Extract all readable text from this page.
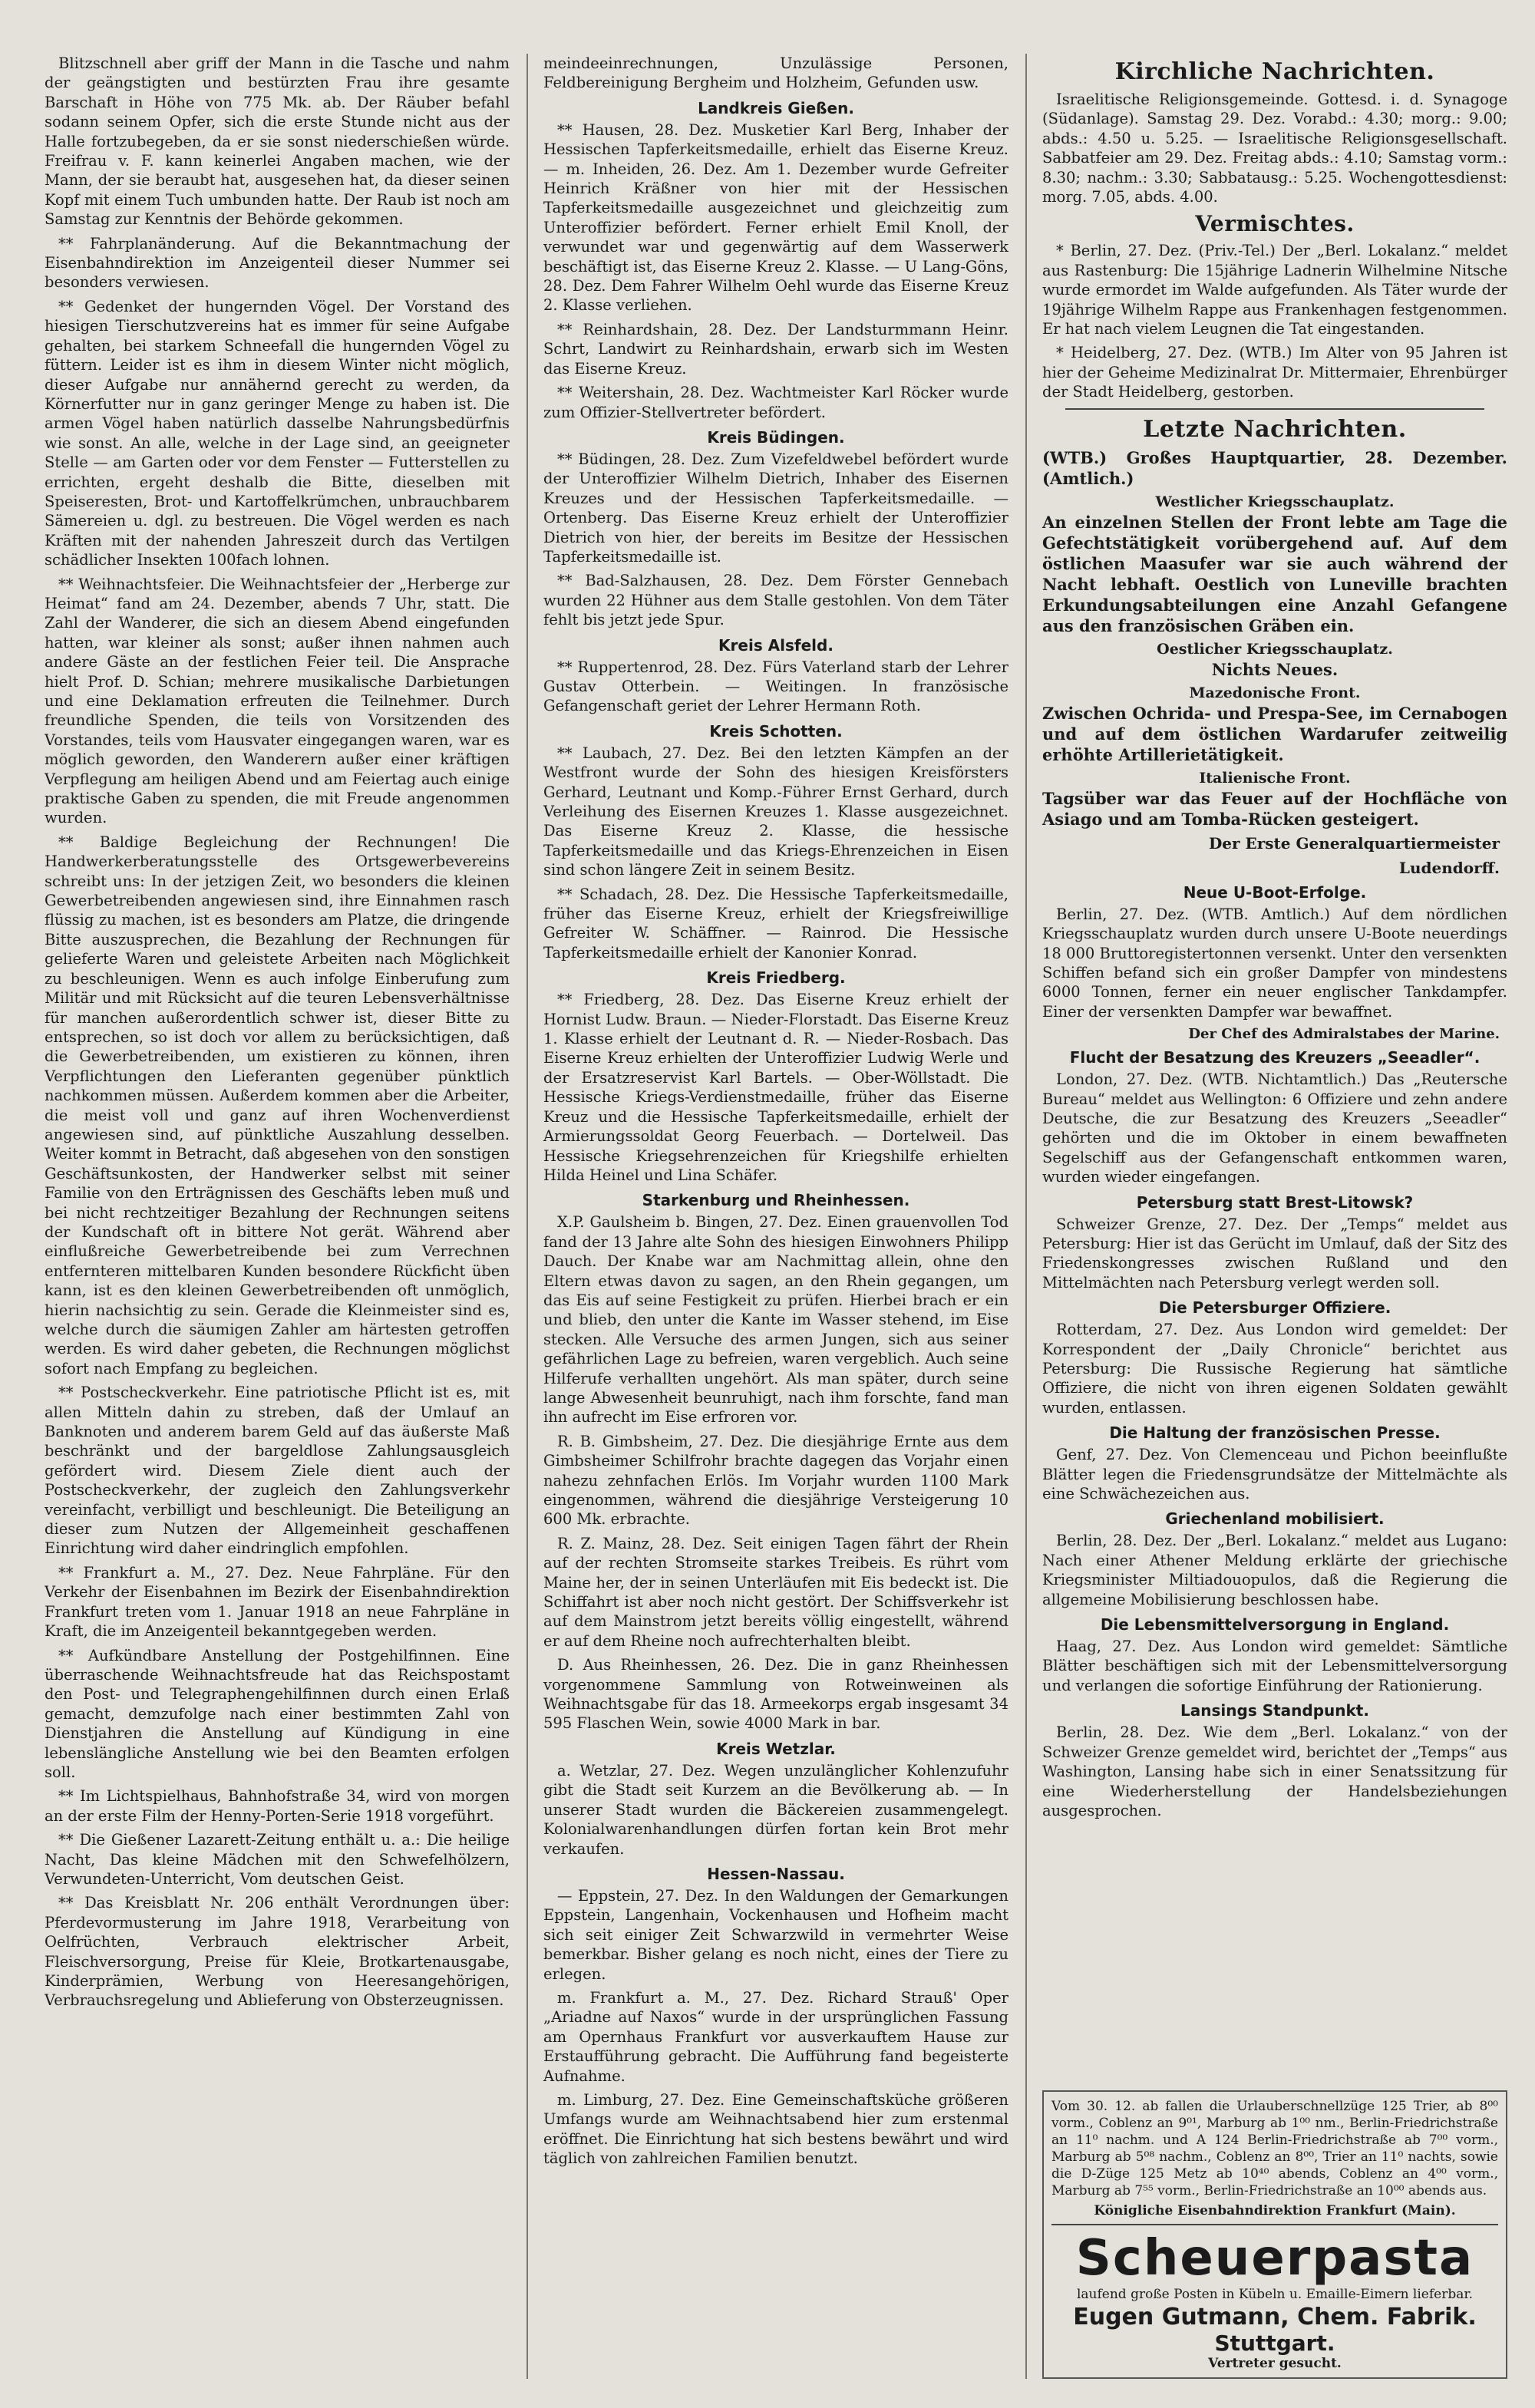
Blitzschnell aber griff der Mann in die Tasche und nahm der geängstigten und bestürzten Frau ihre gesamte Barschaft in Höhe von 775 Mk. ab. Der Räuber befahl sodann seinem Opfer, sich die erste Stunde nicht aus der Halle fortzubegeben, da er sie sonst niederschießen würde. Freifrau v. F. kann keinerlei Angaben machen, wie der Mann, der sie beraubt hat, ausgesehen hat, da dieser seinen Kopf mit einem Tuch umbunden hatte. Der Raub ist noch am Samstag zur Kenntnis der Behörde gekommen.

** Fahrplanänderung. Auf die Bekanntmachung der Eisenbahndirektion im Anzeigenteil dieser Nummer sei besonders verwiesen.

** Gedenket der hungernden Vögel. Der Vorstand des hiesigen Tierschutzvereins hat es immer für seine Aufgabe gehalten, bei starkem Schneefall die hungernden Vögel zu füttern. Leider ist es ihm in diesem Winter nicht möglich, dieser Aufgabe nur annähernd gerecht zu werden, da Körnerfutter nur in ganz geringer Menge zu haben ist. Die armen Vögel haben natürlich dasselbe Nahrungsbedürfnis wie sonst. An alle, welche in der Lage sind, an geeigneter Stelle — am Garten oder vor dem Fenster — Futterstellen zu errichten, ergeht deshalb die Bitte, dieselben mit Speiseresten, Brot- und Kartoffelkrümchen, unbrauchbarem Sämereien u. dgl. zu bestreuen. Die Vögel werden es nach Kräften mit der nahenden Jahreszeit durch das Vertilgen schädlicher Insekten 100fach lohnen.

** Weihnachtsfeier. Die Weihnachtsfeier der „Herberge zur Heimat“ fand am 24. Dezember, abends 7 Uhr, statt. Die Zahl der Wanderer, die sich an diesem Abend eingefunden hatten, war kleiner als sonst; außer ihnen nahmen auch andere Gäste an der festlichen Feier teil. Die Ansprache hielt Prof. D. Schian; mehrere musikalische Darbietungen und eine Deklamation erfreuten die Teilnehmer. Durch freundliche Spenden, die teils von Vorsitzenden des Vorstandes, teils vom Hausvater eingegangen waren, war es möglich geworden, den Wanderern außer einer kräftigen Verpflegung am heiligen Abend und am Feiertag auch einige praktische Gaben zu spenden, die mit Freude angenommen wurden.

** Baldige Begleichung der Rechnungen! Die Handwerkerberatungsstelle des Ortsgewerbevereins schreibt uns: In der jetzigen Zeit, wo besonders die kleinen Gewerbetreibenden angewiesen sind, ihre Einnahmen rasch flüssig zu machen, ist es besonders am Platze, die dringende Bitte auszusprechen, die Bezahlung der Rechnungen für gelieferte Waren und geleistete Arbeiten nach Möglichkeit zu beschleunigen. Wenn es auch infolge Einberufung zum Militär und mit Rücksicht auf die teuren Lebensverhältnisse für manchen außerordentlich schwer ist, dieser Bitte zu entsprechen, so ist doch vor allem zu berücksichtigen, daß die Gewerbetreibenden, um existieren zu können, ihren Verpflichtungen den Lieferanten gegenüber pünktlich nachkommen müssen. Außerdem kommen aber die Arbeiter, die meist voll und ganz auf ihren Wochenverdienst angewiesen sind, auf pünktliche Auszahlung desselben. Weiter kommt in Betracht, daß abgesehen von den sonstigen Geschäftsunkosten, der Handwerker selbst mit seiner Familie von den Erträgnissen des Geschäfts leben muß und bei nicht rechtzeitiger Bezahlung der Rechnungen seitens der Kundschaft oft in bittere Not gerät. Während aber einflußreiche Gewerbetreibende bei zum Verrechnen entfernteren mittelbaren Kunden besondere Rückficht üben kann, ist es den kleinen Gewerbetreibenden oft unmöglich, hierin nachsichtig zu sein. Gerade die Kleinmeister sind es, welche durch die säumigen Zahler am härtesten getroffen werden. Es wird daher gebeten, die Rechnungen möglichst sofort nach Empfang zu begleichen.

** Postscheckverkehr. Eine patriotische Pflicht ist es, mit allen Mitteln dahin zu streben, daß der Umlauf an Banknoten und anderem barem Geld auf das äußerste Maß beschränkt und der bargeldlose Zahlungsausgleich gefördert wird. Diesem Ziele dient auch der Postscheckverkehr, der zugleich den Zahlungsverkehr vereinfacht, verbilligt und beschleunigt. Die Beteiligung an dieser zum Nutzen der Allgemeinheit geschaffenen Einrichtung wird daher eindringlich empfohlen.

** Frankfurt a. M., 27. Dez. Neue Fahrpläne. Für den Verkehr der Eisenbahnen im Bezirk der Eisenbahndirektion Frankfurt treten vom 1. Januar 1918 an neue Fahrpläne in Kraft, die im Anzeigenteil bekanntgegeben werden.

** Aufkündbare Anstellung der Postgehilfinnen. Eine überraschende Weihnachtsfreude hat das Reichspostamt den Post- und Telegraphengehilfinnen durch einen Erlaß gemacht, demzufolge nach einer bestimmten Zahl von Dienstjahren die Anstellung auf Kündigung in eine lebenslängliche Anstellung wie bei den Beamten erfolgen soll.

** Im Lichtspielhaus, Bahnhofstraße 34, wird von morgen an der erste Film der Henny-Porten-Serie 1918 vorgeführt.

** Die Gießener Lazarett-Zeitung enthält u. a.: Die heilige Nacht, Das kleine Mädchen mit den Schwefelhölzern, Verwundeten-Unterricht, Vom deutschen Geist.

** Das Kreisblatt Nr. 206 enthält Verordnungen über: Pferdevormusterung im Jahre 1918, Verarbeitung von Oelfrüchten, Verbrauch elektrischer Arbeit, Fleischversorgung, Preise für Kleie, Brotkartenausgabe, Kinderprämien, Werbung von Heeresangehörigen, Verbrauchsregelung und Ablieferung von Obsterzeugnissen.

meindeeinrechnungen, Unzulässige Personen, Feldbereinigung Bergheim und Holzheim, Gefunden usw.

Landkreis Gießen.

** Hausen, 28. Dez. Musketier Karl Berg, Inhaber der Hessischen Tapferkeitsmedaille, erhielt das Eiserne Kreuz. — m. Inheiden, 26. Dez. Am 1. Dezember wurde Gefreiter Heinrich Kräßner von hier mit der Hessischen Tapferkeitsmedaille ausgezeichnet und gleichzeitig zum Unteroffizier befördert. Ferner erhielt Emil Knoll, der verwundet war und gegenwärtig auf dem Wasserwerk beschäftigt ist, das Eiserne Kreuz 2. Klasse. — U Lang-Göns, 28. Dez. Dem Fahrer Wilhelm Oehl wurde das Eiserne Kreuz 2. Klasse verliehen.

** Reinhardshain, 28. Dez. Der Landsturmmann Heinr. Schrt, Landwirt zu Reinhardshain, erwarb sich im Westen das Eiserne Kreuz.

** Weitershain, 28. Dez. Wachtmeister Karl Röcker wurde zum Offizier-Stellvertreter befördert.

Kreis Büdingen.

** Büdingen, 28. Dez. Zum Vizefeldwebel befördert wurde der Unteroffizier Wilhelm Dietrich, Inhaber des Eisernen Kreuzes und der Hessischen Tapferkeitsmedaille. — Ortenberg. Das Eiserne Kreuz erhielt der Unteroffizier Dietrich von hier, der bereits im Besitze der Hessischen Tapferkeitsmedaille ist.

** Bad-Salzhausen, 28. Dez. Dem Förster Gennebach wurden 22 Hühner aus dem Stalle gestohlen. Von dem Täter fehlt bis jetzt jede Spur.

Kreis Alsfeld.

** Ruppertenrod, 28. Dez. Fürs Vaterland starb der Lehrer Gustav Otterbein. — Weitingen. In französische Gefangenschaft geriet der Lehrer Hermann Roth.

Kreis Schotten.

** Laubach, 27. Dez. Bei den letzten Kämpfen an der Westfront wurde der Sohn des hiesigen Kreisförsters Gerhard, Leutnant und Komp.-Führer Ernst Gerhard, durch Verleihung des Eisernen Kreuzes 1. Klasse ausgezeichnet. Das Eiserne Kreuz 2. Klasse, die hessische Tapferkeitsmedaille und das Kriegs-Ehrenzeichen in Eisen sind schon längere Zeit in seinem Besitz.

** Schadach, 28. Dez. Die Hessische Tapferkeitsmedaille, früher das Eiserne Kreuz, erhielt der Kriegsfreiwillige Gefreiter W. Schäffner. — Rainrod. Die Hessische Tapferkeitsmedaille erhielt der Kanonier Konrad.

Kreis Friedberg.

** Friedberg, 28. Dez. Das Eiserne Kreuz erhielt der Hornist Ludw. Braun. — Nieder-Florstadt. Das Eiserne Kreuz 1. Klasse erhielt der Leutnant d. R. — Nieder-Rosbach. Das Eiserne Kreuz erhielten der Unteroffizier Ludwig Werle und der Ersatzreservist Karl Bartels. — Ober-Wöllstadt. Die Hessische Kriegs-Verdienstmedaille, früher das Eiserne Kreuz und die Hessische Tapferkeitsmedaille, erhielt der Armierungssoldat Georg Feuerbach. — Dortelweil. Das Hessische Kriegsehrenzeichen für Kriegshilfe erhielten Hilda Heinel und Lina Schäfer.

Starkenburg und Rheinhessen.

X.P. Gaulsheim b. Bingen, 27. Dez. Einen grauenvollen Tod fand der 13 Jahre alte Sohn des hiesigen Einwohners Philipp Dauch. Der Knabe war am Nachmittag allein, ohne den Eltern etwas davon zu sagen, an den Rhein gegangen, um das Eis auf seine Festigkeit zu prüfen. Hierbei brach er ein und blieb, den unter die Kante im Wasser stehend, im Eise stecken. Alle Versuche des armen Jungen, sich aus seiner gefährlichen Lage zu befreien, waren vergeblich. Auch seine Hilferufe verhallten ungehört. Als man später, durch seine lange Abwesenheit beunruhigt, nach ihm forschte, fand man ihn aufrecht im Eise erfroren vor.

R. B. Gimbsheim, 27. Dez. Die diesjährige Ernte aus dem Gimbsheimer Schilfrohr brachte dagegen das Vorjahr einen nahezu zehnfachen Erlös. Im Vorjahr wurden 1100 Mark eingenommen, während die diesjährige Versteigerung 10 600 Mk. erbrachte.

R. Z. Mainz, 28. Dez. Seit einigen Tagen fährt der Rhein auf der rechten Stromseite starkes Treibeis. Es rührt vom Maine her, der in seinen Unterläufen mit Eis bedeckt ist. Die Schiffahrt ist aber noch nicht gestört. Der Schiffsverkehr ist auf dem Mainstrom jetzt bereits völlig eingestellt, während er auf dem Rheine noch aufrechterhalten bleibt.

D. Aus Rheinhessen, 26. Dez. Die in ganz Rheinhessen vorgenommene Sammlung von Rotweinweinen als Weihnachtsgabe für das 18. Armeekorps ergab insgesamt 34 595 Flaschen Wein, sowie 4000 Mark in bar.

Kreis Wetzlar.

a. Wetzlar, 27. Dez. Wegen unzulänglicher Kohlenzufuhr gibt die Stadt seit Kurzem an die Bevölkerung ab. — In unserer Stadt wurden die Bäckereien zusammengelegt. Kolonialwarenhandlungen dürfen fortan kein Brot mehr verkaufen.

Hessen-Nassau.

— Eppstein, 27. Dez. In den Waldungen der Gemarkungen Eppstein, Langenhain, Vockenhausen und Hofheim macht sich seit einiger Zeit Schwarzwild in vermehrter Weise bemerkbar. Bisher gelang es noch nicht, eines der Tiere zu erlegen.

m. Frankfurt a. M., 27. Dez. Richard Strauß' Oper „Ariadne auf Naxos“ wurde in der ursprünglichen Fassung am Opernhaus Frankfurt vor ausverkauftem Hause zur Erstaufführung gebracht. Die Aufführung fand begeisterte Aufnahme.

m. Limburg, 27. Dez. Eine Gemeinschaftsküche größeren Umfangs wurde am Weihnachtsabend hier zum erstenmal eröffnet. Die Einrichtung hat sich bestens bewährt und wird täglich von zahlreichen Familien benutzt.

Kirchliche Nachrichten.

Israelitische Religionsgemeinde. Gottesd. i. d. Synagoge (Südanlage). Samstag 29. Dez. Vorabd.: 4.30; morg.: 9.00; abds.: 4.50 u. 5.25. — Israelitische Religionsgesellschaft. Sabbatfeier am 29. Dez. Freitag abds.: 4.10; Samstag vorm.: 8.30; nachm.: 3.30; Sabbatausg.: 5.25. Wochengottesdienst: morg. 7.05, abds. 4.00.

Vermischtes.

* Berlin, 27. Dez. (Priv.-Tel.) Der „Berl. Lokalanz.“ meldet aus Rastenburg: Die 15jährige Ladnerin Wilhelmine Nitsche wurde ermordet im Walde aufgefunden. Als Täter wurde der 19jährige Wilhelm Rappe aus Frankenhagen festgenommen. Er hat nach vielem Leugnen die Tat eingestanden.

* Heidelberg, 27. Dez. (WTB.) Im Alter von 95 Jahren ist hier der Geheime Medizinalrat Dr. Mittermaier, Ehrenbürger der Stadt Heidelberg, gestorben.

Letzte Nachrichten.

(WTB.) Großes Hauptquartier, 28. Dezember. (Amtlich.)

Westlicher Kriegsschauplatz.

An einzelnen Stellen der Front lebte am Tage die Gefechtstätigkeit vorübergehend auf. Auf dem östlichen Maasufer war sie auch während der Nacht lebhaft. Oestlich von Luneville brachten Erkundungsabteilungen eine Anzahl Gefangene aus den französischen Gräben ein.

Oestlicher Kriegsschauplatz.

Nichts Neues.

Mazedonische Front.

Zwischen Ochrida- und Prespa-See, im Cernabogen und auf dem östlichen Wardarufer zeitweilig erhöhte Artillerietätigkeit.

Italienische Front.

Tagsüber war das Feuer auf der Hochfläche von Asiago und am Tomba-Rücken gesteigert.

Der Erste Generalquartiermeister
Ludendorff.
Neue U-Boot-Erfolge.

Berlin, 27. Dez. (WTB. Amtlich.) Auf dem nördlichen Kriegsschauplatz wurden durch unsere U-Boote neuerdings 18 000 Bruttoregistertonnen versenkt. Unter den versenkten Schiffen befand sich ein großer Dampfer von mindestens 6000 Tonnen, ferner ein neuer englischer Tankdampfer. Einer der versenkten Dampfer war bewaffnet.

Der Chef des Admiralstabes der Marine.
Flucht der Besatzung des Kreuzers „Seeadler“.

London, 27. Dez. (WTB. Nichtamtlich.) Das „Reutersche Bureau“ meldet aus Wellington: 6 Offiziere und zehn andere Deutsche, die zur Besatzung des Kreuzers „Seeadler“ gehörten und die im Oktober in einem bewaffneten Segelschiff aus der Gefangenschaft entkommen waren, wurden wieder eingefangen.

Petersburg statt Brest-Litowsk?

Schweizer Grenze, 27. Dez. Der „Temps“ meldet aus Petersburg: Hier ist das Gerücht im Umlauf, daß der Sitz des Friedenskongresses zwischen Rußland und den Mittelmächten nach Petersburg verlegt werden soll.

Die Petersburger Offiziere.

Rotterdam, 27. Dez. Aus London wird gemeldet: Der Korrespondent der „Daily Chronicle“ berichtet aus Petersburg: Die Russische Regierung hat sämtliche Offiziere, die nicht von ihren eigenen Soldaten gewählt wurden, entlassen.

Die Haltung der französischen Presse.

Genf, 27. Dez. Von Clemenceau und Pichon beeinflußte Blätter legen die Friedensgrundsätze der Mittelmächte als eine Schwächezeichen aus.

Griechenland mobilisiert.

Berlin, 28. Dez. Der „Berl. Lokalanz.“ meldet aus Lugano: Nach einer Athener Meldung erklärte der griechische Kriegsminister Miltiadouopulos, daß die Regierung die allgemeine Mobilisierung beschlossen habe.

Die Lebensmittelversorgung in England.

Haag, 27. Dez. Aus London wird gemeldet: Sämtliche Blätter beschäftigen sich mit der Lebensmittelversorgung und verlangen die sofortige Einführung der Rationierung.

Lansings Standpunkt.

Berlin, 28. Dez. Wie dem „Berl. Lokalanz.“ von der Schweizer Grenze gemeldet wird, berichtet der „Temps“ aus Washington, Lansing habe sich in einer Senatssitzung für eine Wiederherstellung der Handelsbeziehungen ausgesprochen.

Vom 30. 12. ab fallen die Urlauberschnellzüge 125 Trier, ab 8⁰⁰ vorm., Coblenz an 9⁰¹, Marburg ab 1⁰⁰ nm., Berlin-Friedrichstraße an 11⁰ nachm. und A 124 Berlin-Friedrichstraße ab 7⁰⁰ vorm., Marburg ab 5⁰⁸ nachm., Coblenz an 8⁰⁰, Trier an 11⁰ nachts, sowie die D-Züge 125 Metz ab 10⁴⁰ abends, Coblenz an 4⁰⁰ vorm., Marburg ab 7⁵⁵ vorm., Berlin-Friedrichstraße an 10⁰⁰ abends aus.

Königliche Eisenbahndirektion Frankfurt (Main).

Scheuerpasta

laufend große Posten in Kübeln u. Emaille-Eimern lieferbar.

Eugen Gutmann, Chem. Fabrik.
Stuttgart.

Vertreter gesucht.
